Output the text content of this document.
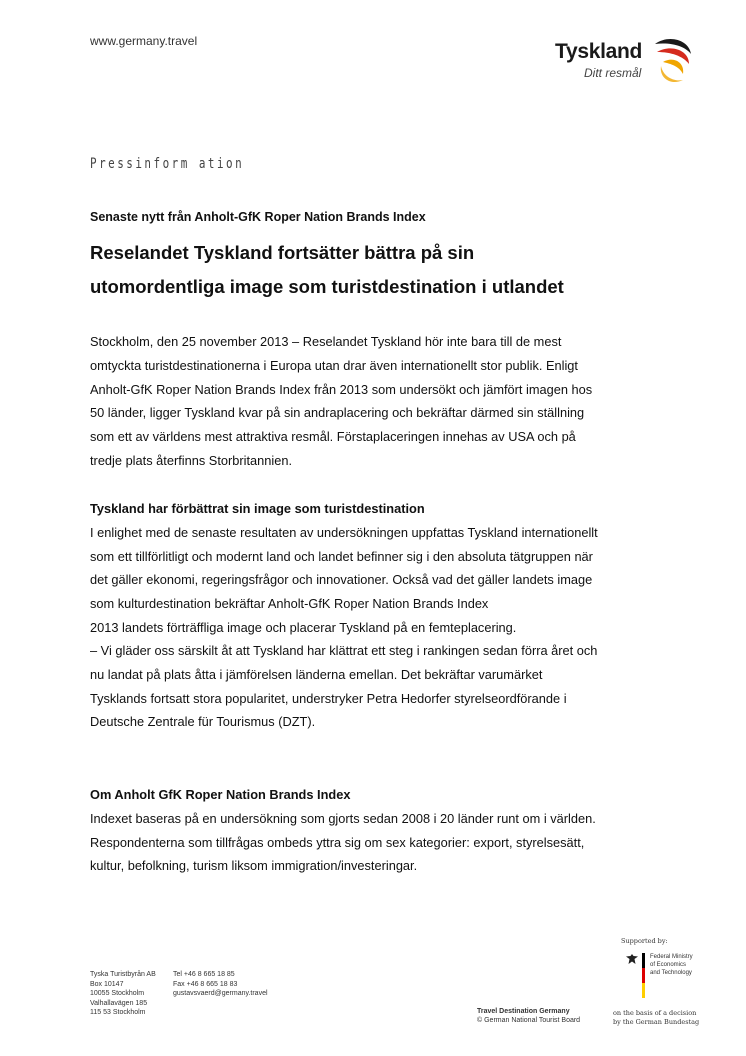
www.germany.travel	Tyskland
Ditt resmål
Pressinform ation
Senaste nytt från Anholt-GfK Roper Nation Brands Index
Reselandet Tyskland fortsätter bättra på sin
utomordentliga image som turistdestination i utlandet

Stockholm, den 25 november 2013 – Reselandet Tyskland hör inte bara till de mest

omtyckta turistdestinationerna i Europa utan drar även internationellt stor publik. Enligt

Anholt-GfK Roper Nation Brands Index från 2013 som undersökt och jämfört imagen hos

50 länder, ligger Tyskland kvar på sin andraplacering och bekräftar därmed sin ställning

som ett av världens mest attraktiva resmål. Förstaplaceringen innehas av USA och på

tredje plats återfinns Storbritannien.

Tyskland har förbättrat sin image som turistdestination

I enlighet med de senaste resultaten av undersökningen uppfattas Tyskland internationellt

som ett tillförlitligt och modernt land och landet befinner sig i den absoluta tätgruppen när

det gäller ekonomi, regeringsfrågor och innovationer. Också vad det gäller landets image

som kulturdestination bekräftar Anholt-GfK Roper Nation Brands Index

2013 landets förträffliga image och placerar Tyskland på en femteplacering.

– Vi gläder oss särskilt åt att Tyskland har klättrat ett steg i rankingen sedan förra året och

nu landat på plats åtta i jämförelsen länderna emellan. Det bekräftar varumärket

Tysklands fortsatt stora popularitet, understryker Petra Hedorfer styrelseordförande i

Deutsche Zentrale für Tourismus (DZT).

Om Anholt GfK Roper Nation Brands Index

Indexet baseras på en undersökning som gjorts sedan 2008 i 20 länder runt om i världen.

Respondenterna som tillfrågas ombeds yttra sig om sex kategorier: export, styrelsesätt,

kultur, befolkning, turism liksom immigration/investeringar.

Tyska Turistbyrån AB
Box 10147
10055 Stockholm
Valhallavägen 185
115 53 Stockholm
Tel +46 8 665 18 85
Fax +46 8 665 18 83
gustavsvaerd@germany.travel
Travel Destination Germany
© German National Tourist Board
Supported by:
Federal Ministry
of Economics
and Technology
on the basis of a decision
by the German Bundestag
